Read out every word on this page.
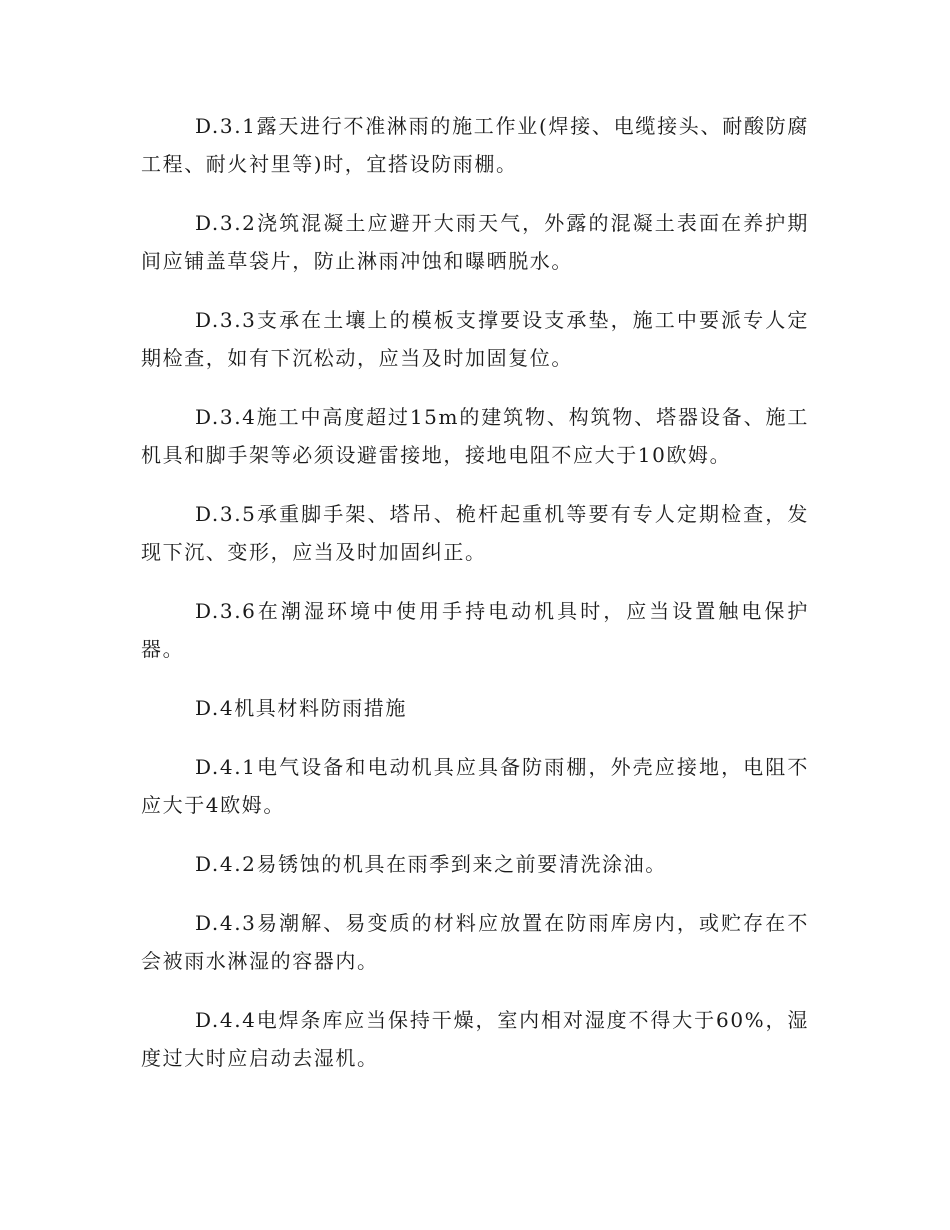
D.3.1露天进行不准淋雨的施工作业(焊接、电缆接头、耐酸防腐工程、耐火衬里等)时，宜搭设防雨棚。

D.3.2浇筑混凝土应避开大雨天气，外露的混凝土表面在养护期间应铺盖草袋片，防止淋雨冲蚀和曝晒脱水。

D.3.3支承在土壤上的模板支撑要设支承垫，施工中要派专人定期检查，如有下沉松动，应当及时加固复位。

D.3.4施工中高度超过15m的建筑物、构筑物、塔器设备、施工机具和脚手架等必须设避雷接地，接地电阻不应大于10欧姆。

D.3.5承重脚手架、塔吊、桅杆起重机等要有专人定期检查，发现下沉、变形，应当及时加固纠正。

D.3.6在潮湿环境中使用手持电动机具时，应当设置触电保护器。

D.4机具材料防雨措施

D.4.1电气设备和电动机具应具备防雨棚，外壳应接地，电阻不应大于4欧姆。

D.4.2易锈蚀的机具在雨季到来之前要清洗涂油。

D.4.3易潮解、易变质的材料应放置在防雨库房内，或贮存在不会被雨水淋湿的容器内。

D.4.4电焊条库应当保持干燥，室内相对湿度不得大于60%，湿度过大时应启动去湿机。
